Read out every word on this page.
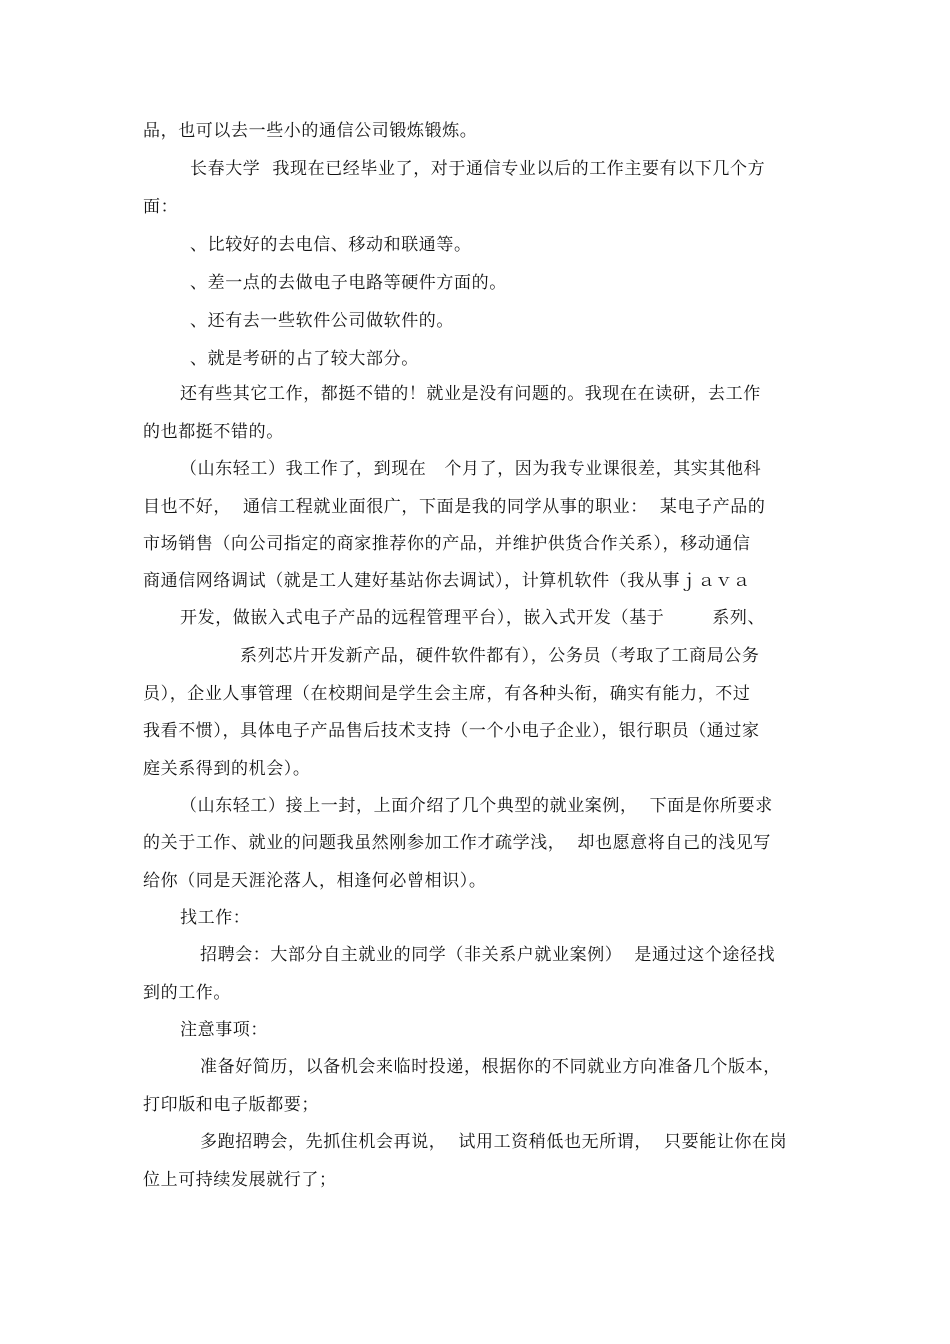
品，也可以去一些小的通信公司锻炼锻炼。
长春大学  我现在已经毕业了，对于通信专业以后的工作主要有以下几个方
面：
、比较好的去电信、移动和联通等。
、差一点的去做电子电路等硬件方面的。
、还有去一些软件公司做软件的。
、就是考研的占了较大部分。
还有些其它工作，都挺不错的！就业是没有问题的。我现在在读研，去工作
的也都挺不错的。
（山东轻工）我工作了，到现在   个月了，因为我专业课很差，其实其他科
目也不好，  通信工程就业面很广，下面是我的同学从事的职业：  某电子产品的
市场销售（向公司指定的商家推荐你的产品，并维护供货合作关系），移动通信
商通信网络调试（就是工人建好基站你去调试），计算机软件（我从事ｊａｖａ
开发，做嵌入式电子产品的远程管理平台），嵌入式开发（基于        系列、
系列芯片开发新产品，硬件软件都有），公务员（考取了工商局公务
员），企业人事管理（在校期间是学生会主席，有各种头衔，确实有能力，不过
我看不惯），具体电子产品售后技术支持（一个小电子企业），银行职员（通过家
庭关系得到的机会）。
（山东轻工）接上一封，上面介绍了几个典型的就业案例，  下面是你所要求
的关于工作、就业的问题我虽然刚参加工作才疏学浅，  却也愿意将自己的浅见写
给你（同是天涯沦落人，相逢何必曾相识）。
找工作：
招聘会：大部分自主就业的同学（非关系户就业案例）  是通过这个途径找
到的工作。
注意事项：
准备好简历，以备机会来临时投递，根据你的不同就业方向准备几个版本，
打印版和电子版都要；
多跑招聘会，先抓住机会再说，  试用工资稍低也无所谓，  只要能让你在岗
位上可持续发展就行了；
